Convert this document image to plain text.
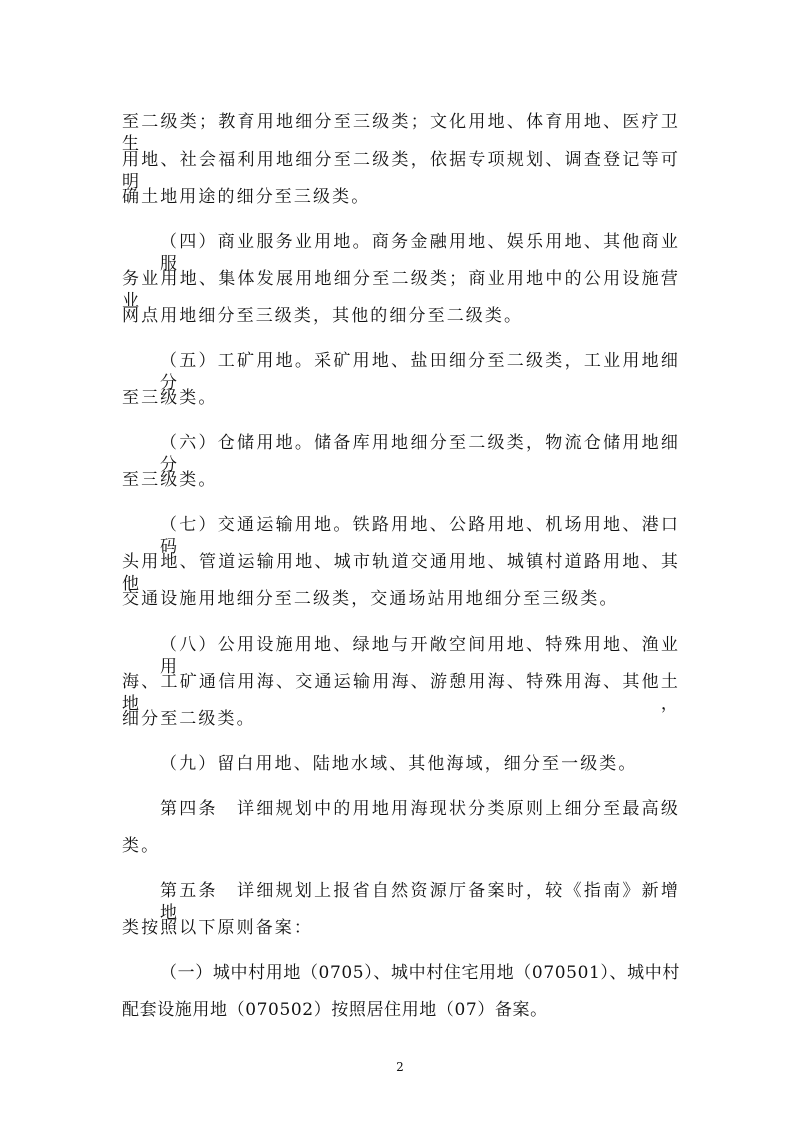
至二级类；教育用地细分至三级类；文化用地、体育用地、医疗卫生
用地、社会福利用地细分至二级类，依据专项规划、调查登记等可明
确土地用途的细分至三级类。
（四）商业服务业用地。商务金融用地、娱乐用地、其他商业服
务业用地、集体发展用地细分至二级类；商业用地中的公用设施营业
网点用地细分至三级类，其他的细分至二级类。
（五）工矿用地。采矿用地、盐田细分至二级类，工业用地细分
至三级类。
（六）仓储用地。储备库用地细分至二级类，物流仓储用地细分
至三级类。
（七）交通运输用地。铁路用地、公路用地、机场用地、港口码
头用地、管道运输用地、城市轨道交通用地、城镇村道路用地、其他
交通设施用地细分至二级类，交通场站用地细分至三级类。
（八）公用设施用地、绿地与开敞空间用地、特殊用地、渔业用
海、工矿通信用海、交通运输用海、游憩用海、特殊用海、其他土地，
细分至二级类。
（九）留白用地、陆地水域、其他海域，细分至一级类。
第四条　详细规划中的用地用海现状分类原则上细分至最高级
类。
第五条　详细规划上报省自然资源厅备案时，较《指南》新增地
类按照以下原则备案：
（一）城中村用地（0705）、城中村住宅用地（070501）、城中村
配套设施用地（070502）按照居住用地（07）备案。
2
